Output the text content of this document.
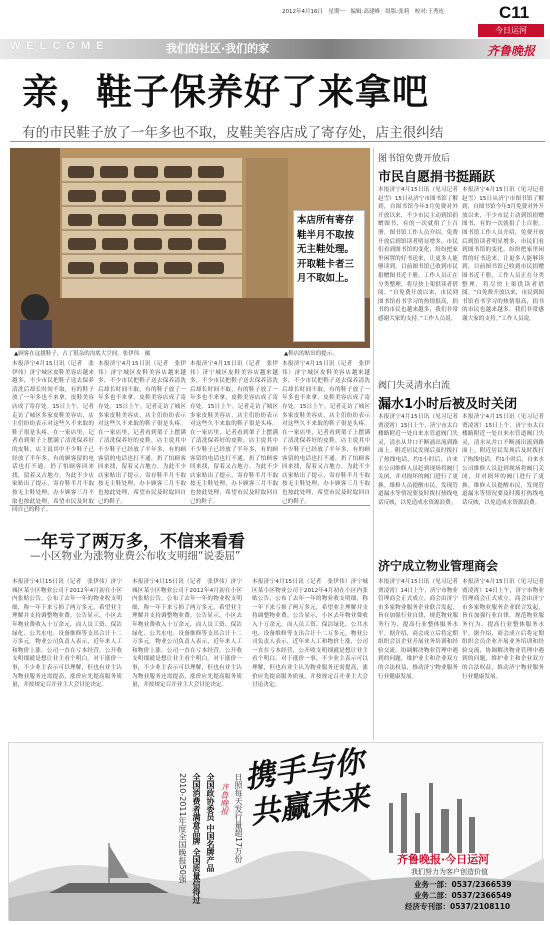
2012年4月16日　星期一　编辑:高建峰　组版:张莉　校对:王秀连	C11
今日运河
WELCOME	我们的社区·我们的家	齐鲁晚报
亲，鞋子保养好了来拿吧
有的市民鞋子放了一年多也不取，皮鞋美容店成了寄存处，店主很纠结
本店所有寄存鞋半月不取按无主鞋处理。开取鞋卡者三月不取如上。
▲顾客在这挑鞋子，占了很杂的沟底大空间。张伊伟　摄	▲鞋店的贴出的提示。
本报济宁4月15日讯（记者　张伊伟）济宁城区皮鞋美容店越来越多，不少市民把鞋子送去保养清洗后却长时间不取，有的鞋子放了一年多也不来拿，皮鞋美容店成了寄存处。15日上午，记者走访了城区多家皮鞋美容店，店主们纷纷表示对这些久不来取的鞋子很是头疼。在一家店里，记者看到架子上摆满了清洗保养好的皮鞋，店主说其中不少鞋子已经放了半年多，有的顾客留的电话也打不通，扔了怕顾客回来找，留着又占地方。为此不少店家贴出了提示，寄存鞋半月不取按无主鞋处理，办卡顾客三月不取也按此处理，希望市民及时取回自己的鞋子。
本报济宁4月15日讯（记者　张伊伟）济宁城区皮鞋美容店越来越多，不少市民把鞋子送去保养清洗后却长时间不取，有的鞋子放了一年多也不来拿，皮鞋美容店成了寄存处。15日上午，记者走访了城区多家皮鞋美容店，店主们纷纷表示对这些久不来取的鞋子很是头疼。在一家店里，记者看到架子上摆满了清洗保养好的皮鞋，店主说其中不少鞋子已经放了半年多，有的顾客留的电话也打不通，扔了怕顾客回来找，留着又占地方。为此不少店家贴出了提示，寄存鞋半月不取按无主鞋处理，办卡顾客三月不取也按此处理，希望市民及时取回自己的鞋子。
本报济宁4月15日讯（记者　张伊伟）济宁城区皮鞋美容店越来越多，不少市民把鞋子送去保养清洗后却长时间不取，有的鞋子放了一年多也不来拿，皮鞋美容店成了寄存处。15日上午，记者走访了城区多家皮鞋美容店，店主们纷纷表示对这些久不来取的鞋子很是头疼。在一家店里，记者看到架子上摆满了清洗保养好的皮鞋，店主说其中不少鞋子已经放了半年多，有的顾客留的电话也打不通，扔了怕顾客回来找，留着又占地方。为此不少店家贴出了提示，寄存鞋半月不取按无主鞋处理，办卡顾客三月不取也按此处理，希望市民及时取回自己的鞋子。
本报济宁4月15日讯（记者　张伊伟）济宁城区皮鞋美容店越来越多，不少市民把鞋子送去保养清洗后却长时间不取，有的鞋子放了一年多也不来拿，皮鞋美容店成了寄存处。15日上午，记者走访了城区多家皮鞋美容店，店主们纷纷表示对这些久不来取的鞋子很是头疼。在一家店里，记者看到架子上摆满了清洗保养好的皮鞋，店主说其中不少鞋子已经放了半年多，有的顾客留的电话也打不通，扔了怕顾客回来找，留着又占地方。为此不少店家贴出了提示，寄存鞋半月不取按无主鞋处理，办卡顾客三月不取也按此处理，希望市民及时取回自己的鞋子。
图书馆免费开放后
市民自愿捐书挺踊跃
本报济宁4月15日讯（见习记者　赵雪）15日从济宁市图书馆了解到，自图书馆今年3月免费对外开放以来，不少市民主动到馆捐赠图书，有的一次就捐了上百册。图书馆工作人员介绍，免费开放后到馆读者明显增多，市民们看到图书馆的变化，纷纷把家里闲置的好书送来，让更多人能够读到。目前图书馆已收到市民捐赠图书近千册，工作人员正在分类整理，将尽快上架供读者借阅。“自免费开放以来，市民到图书馆看书学习的热情很高，捐书的市民也越来越多，我们非常感谢大家的支持。”工作人员说。
本报济宁4月15日讯（见习记者　赵雪）15日从济宁市图书馆了解到，自图书馆今年3月免费对外开放以来，不少市民主动到馆捐赠图书，有的一次就捐了上百册。图书馆工作人员介绍，免费开放后到馆读者明显增多，市民们看到图书馆的变化，纷纷把家里闲置的好书送来，让更多人能够读到。目前图书馆已收到市民捐赠图书近千册，工作人员正在分类整理，将尽快上架供读者借阅。“自免费开放以来，市民到图书馆看书学习的热情很高，捐书的市民也越来越多，我们非常感谢大家的支持。”工作人员说。
阀门失灵清水白流
漏水1小时后被及时关闭
本报济宁4月15日讯（见习记者　贾凌霄）15日上午，济宁市太白楼路附近一处自来水管道阀门失灵，清水从井口不断涌出流到路面上。附近居民发现后及时拨打了热线电话，约1小时后，自来水公司维修人员赶到现场将阀门关闭，并对损坏的阀门进行了更换。维修人员提醒市民，发现管道漏水等情况要及时拨打热线电话反映，以免造成水资源浪费。
本报济宁4月15日讯（见习记者　贾凌霄）15日上午，济宁市太白楼路附近一处自来水管道阀门失灵，清水从井口不断涌出流到路面上。附近居民发现后及时拨打了热线电话，约1小时后，自来水公司维修人员赶到现场将阀门关闭，并对损坏的阀门进行了更换。维修人员提醒市民，发现管道漏水等情况要及时拨打热线电话反映，以免造成水资源浪费。
一年亏了两万多，不信来看看
—小区物业为涨物业费公布收支明细“说委屈”
本报济宁4月15日讯（记者　张伊伟）济宁城区某小区物业公司于2012年4月初在小区内张贴公告，公布了去年一年的物业收支明细，称一年下来亏损了两万多元，希望业主理解并支持调整物业费。公告显示，小区去年物业费收入十万余元，而人员工资、保洁绿化、公共水电、设备维修等支出合计十二万多元。物业公司负责人表示，近年来人工和物价上涨，公司一直在亏本经营，公开收支明细就是想让业主看个明白。对于涨价一事，不少业主表示可以理解，但也有业主认为物业服务还需提高，涨价应先提高服务质量，并按规定召开业主大会讨论决定。
本报济宁4月15日讯（记者　张伊伟）济宁城区某小区物业公司于2012年4月初在小区内张贴公告，公布了去年一年的物业收支明细，称一年下来亏损了两万多元，希望业主理解并支持调整物业费。公告显示，小区去年物业费收入十万余元，而人员工资、保洁绿化、公共水电、设备维修等支出合计十二万多元。物业公司负责人表示，近年来人工和物价上涨，公司一直在亏本经营，公开收支明细就是想让业主看个明白。对于涨价一事，不少业主表示可以理解，但也有业主认为物业服务还需提高，涨价应先提高服务质量，并按规定召开业主大会讨论决定。
本报济宁4月15日讯（记者　张伊伟）济宁城区某小区物业公司于2012年4月初在小区内张贴公告，公布了去年一年的物业收支明细，称一年下来亏损了两万多元，希望业主理解并支持调整物业费。公告显示，小区去年物业费收入十万余元，而人员工资、保洁绿化、公共水电、设备维修等支出合计十二万多元。物业公司负责人表示，近年来人工和物价上涨，公司一直在亏本经营，公开收支明细就是想让业主看个明白。对于涨价一事，不少业主表示可以理解，但也有业主认为物业服务还需提高，涨价应先提高服务质量，并按规定召开业主大会讨论决定。
济宁成立物业管理商会
本报济宁4月15日讯（见习记者　贾凌霄）14日上午，济宁市物业管理商会正式成立。商会由济宁市多家物业服务企业联合发起，旨在加强行业自律，规范物业服务行为，提高行业整体服务水平。据介绍，商会成立后将定期组织会员企业开展业务培训和经验交流，协调解决物业管理中遇到的问题，维护业主和企业双方的合法权益，推动济宁物业服务行业健康发展。
本报济宁4月15日讯（见习记者　贾凌霄）14日上午，济宁市物业管理商会正式成立。商会由济宁市多家物业服务企业联合发起，旨在加强行业自律，规范物业服务行为，提高行业整体服务水平。据介绍，商会成立后将定期组织会员企业开展业务培训和经验交流，协调解决物业管理中遇到的问题，维护业主和企业双方的合法权益，推动济宁物业服务行业健康发展。
携手与你 共赢未来
齐鲁晚报
全国政协委员 中国名牌产品
全国消费者满意品牌 全国质量信得过	日照每天发行量超17万份
2010-2011年度全国晚报50强	齐鲁晚报·今日运河
我们努力为客户创造价值
业务一部：0537/2366539
业务二部：0537/2366549
经济专刊部：0537/2108110
